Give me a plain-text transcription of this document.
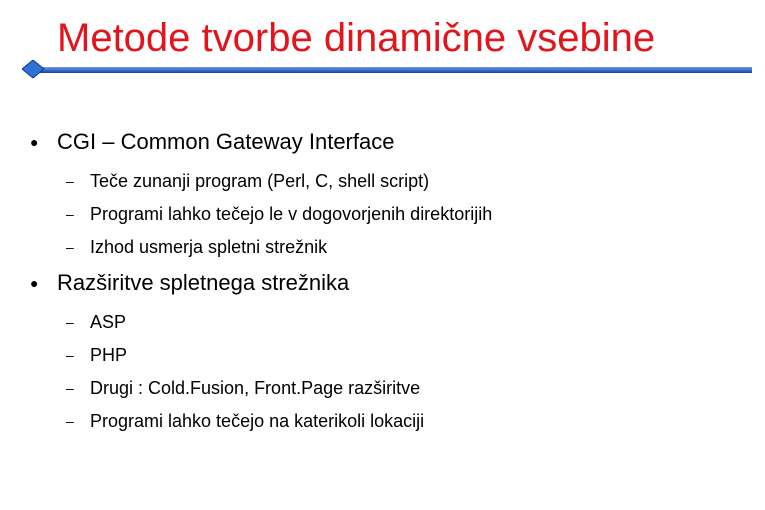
Metode tvorbe dinamične vsebine
● CGI – Common Gateway Interface
– Teče zunanji program (Perl, C, shell script)
– Programi lahko tečejo le v dogovorjenih direktorijih
– Izhod usmerja spletni strežnik
● Razširitve spletnega strežnika
– ASP
– PHP
– Drugi : Cold.Fusion, Front.Page razširitve
– Programi lahko tečejo na katerikoli lokaciji
